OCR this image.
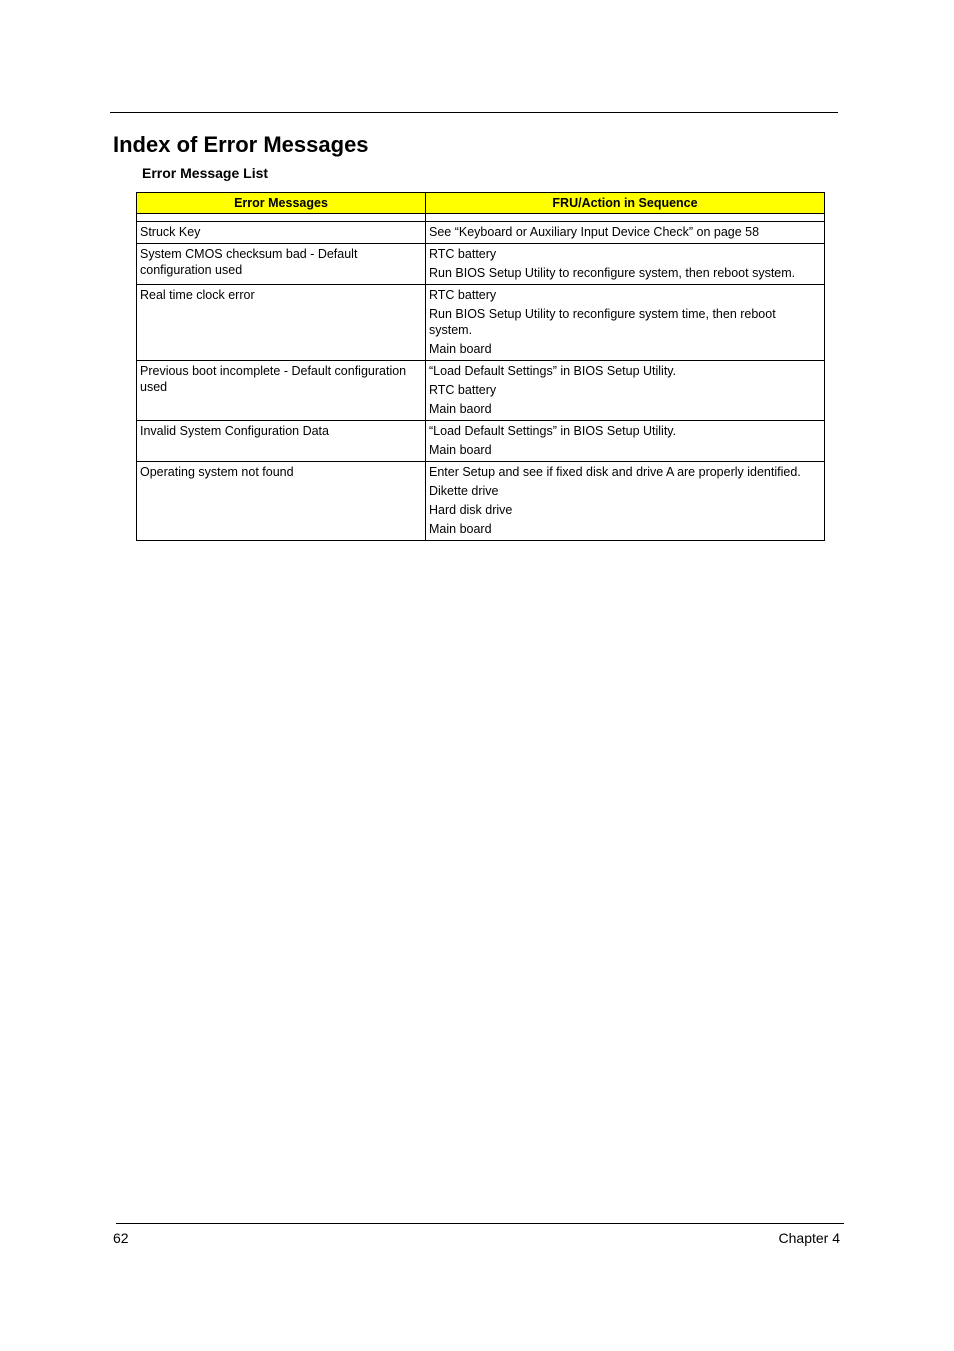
Index of Error Messages
Error Message List
Error Messages	FRU/Action in Sequence

Struck Key	See “Keyboard or Auxiliary Input Device Check” on page 58

System CMOS checksum bad - Default configuration used	RTC battery
Run BIOS Setup Utility to reconfigure system, then reboot system.

Real time clock error	RTC battery
Run BIOS Setup Utility to reconfigure system time, then reboot system.
Main board

Previous boot incomplete - Default configuration used	“Load Default Settings” in BIOS Setup Utility.
RTC battery
Main baord

Invalid System Configuration Data	“Load Default Settings” in BIOS Setup Utility.
Main board

Operating system not found	Enter Setup and see if fixed disk and drive A are properly identified.
Dikette drive
Hard disk drive
Main board
62	Chapter 4
